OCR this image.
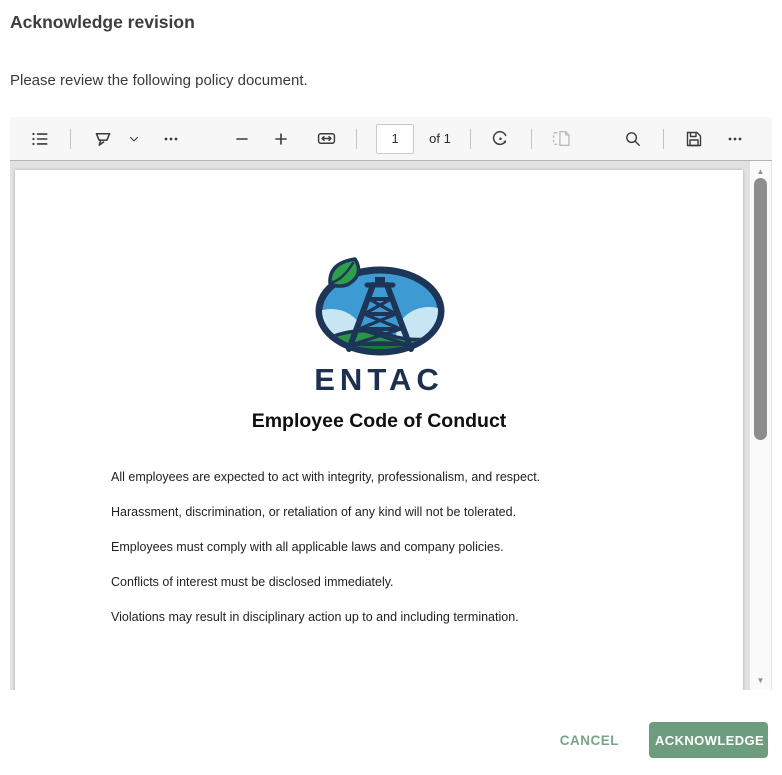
Acknowledge revision
Please review the following policy document.
1
of 1
ENTAC
Employee Code of Conduct

All employees are expected to act with integrity, professionalism, and respect.

Harassment, discrimination, or retaliation of any kind will not be tolerated.

Employees must comply with all applicable laws and company policies.

Conflicts of interest must be disclosed immediately.

Violations may result in disciplinary action up to and including termination.

▲
▼
CANCEL	ACKNOWLEDGE
